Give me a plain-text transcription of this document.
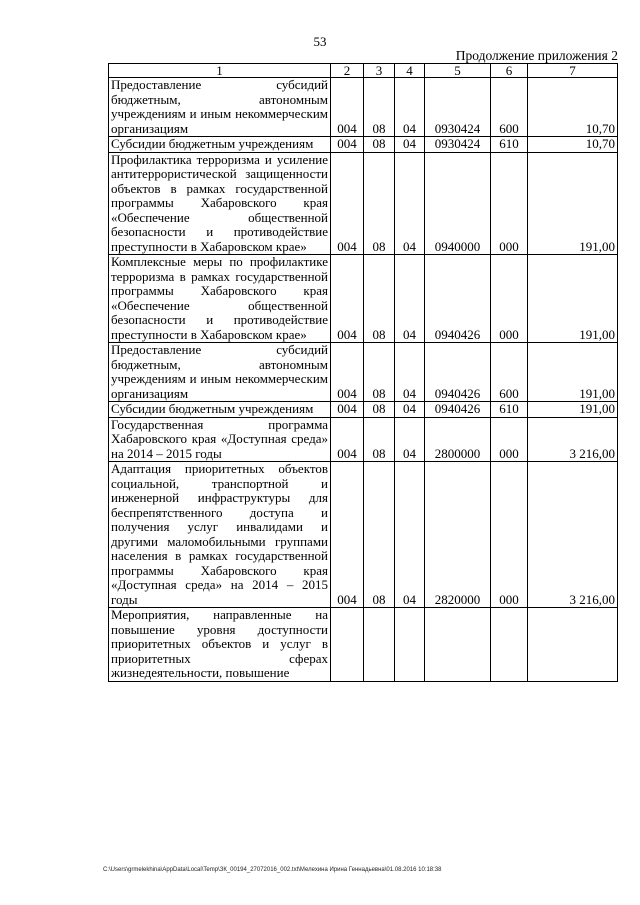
53
Продолжение приложения 2
1	2	3	4	5	6	7
Предоставление субсидий бюджетным, автономным учреждениям и иным некоммерческим организациям	004	08	04	0930424	600	10,70
Субсидии бюджетным учреждениям	004	08	04	0930424	610	10,70
Профилактика терроризма и усиление антитеррористической защищенности объектов в рамках государственной программы Хабаровского края «Обеспечение общественной безопасности и противодействие преступности в Хабаровском крае»	004	08	04	0940000	000	191,00
Комплексные меры по профилактике терроризма в рамках государственной программы Хабаровского края «Обеспечение общественной безопасности и противодействие преступности в Хабаровском крае»	004	08	04	0940426	000	191,00
Предоставление субсидий бюджетным, автономным учреждениям и иным некоммерческим организациям	004	08	04	0940426	600	191,00
Субсидии бюджетным учреждениям	004	08	04	0940426	610	191,00
Государственная программа Хабаровского края «Доступная среда» на 2014 – 2015 годы	004	08	04	2800000	000	3 216,00
Адаптация приоритетных объектов социальной, транспортной и инженерной инфраструктуры для беспрепятственного доступа и получения услуг инвалидами и другими маломобильными группами населения в рамках государственной программы Хабаровского края «Доступная среда» на 2014 – 2015 годы	004	08	04	2820000	000	3 216,00
Мероприятия, направленные на повышение уровня доступности приоритетных объектов и услуг в приоритетных сферах жизнедеятельности, повышение						
C:\Users\grmelekhina\AppData\Local\Temp\ЗК_00194_27072016_002.txt\Мелехина Ирина Геннадьевна\01.08.2016 10:18:38
